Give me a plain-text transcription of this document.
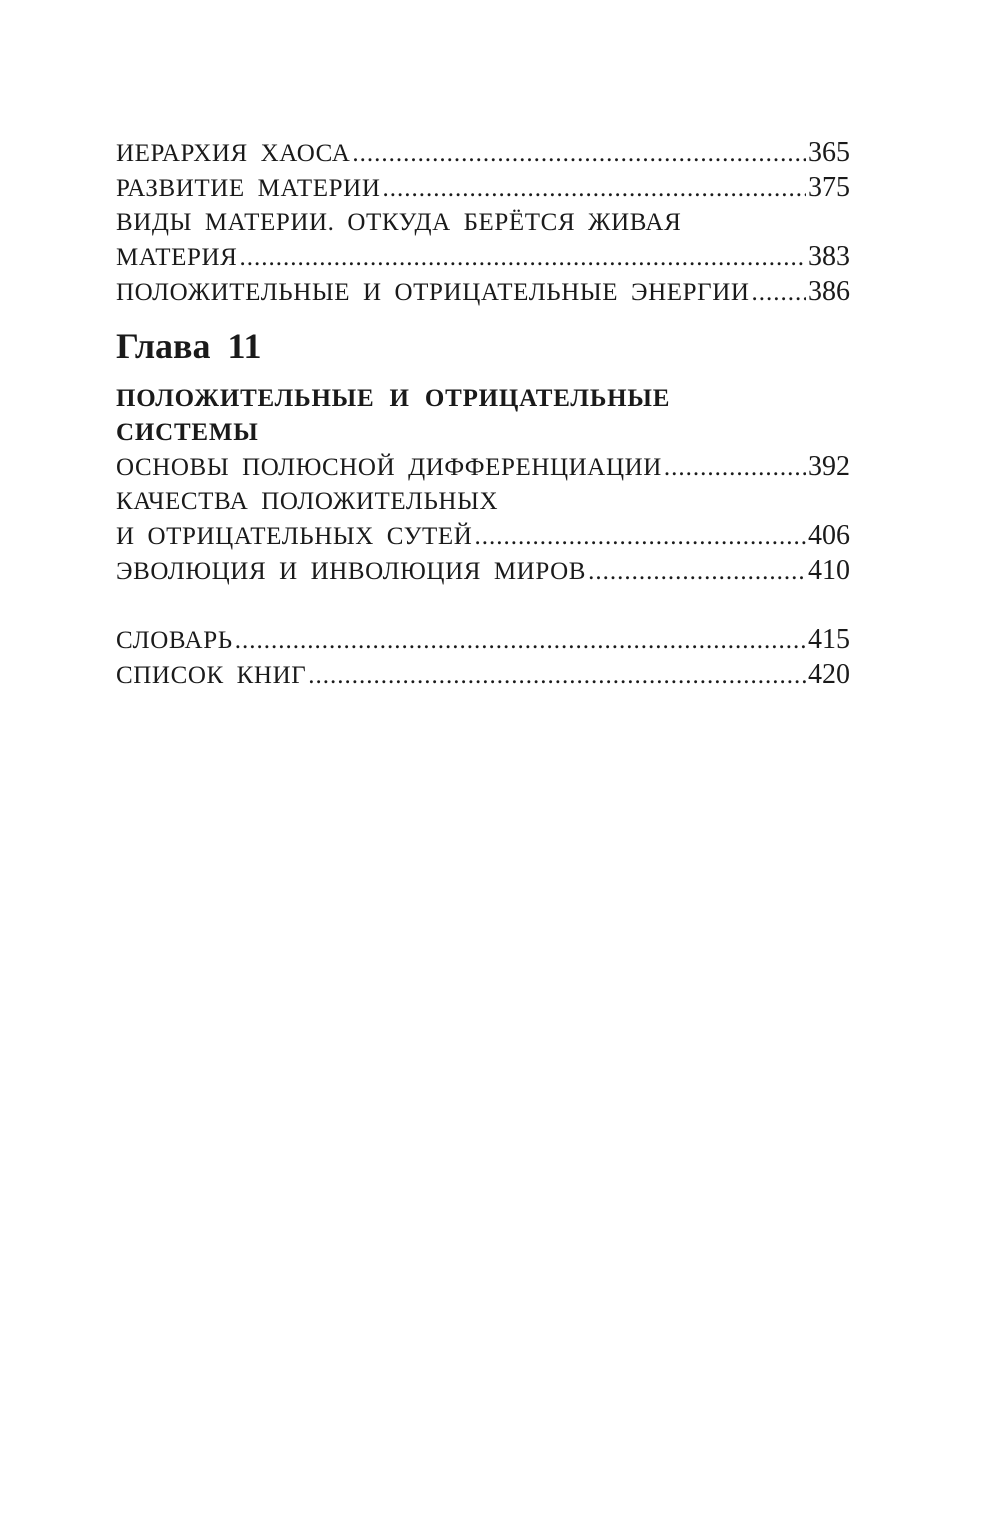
ИЕРАРХИЯ ХАОСА .....	365
РАЗВИТИЕ МАТЕРИИ .....	375
ВИДЫ МАТЕРИИ. ОТКУДА БЕРЁТСЯ ЖИВАЯ
МАТЕРИЯ .....	383
ПОЛОЖИТЕЛЬНЫЕ И ОТРИЦАТЕЛЬНЫЕ ЭНЕРГИИ ..... 386
Глава 11
ПОЛОЖИТЕЛЬНЫЕ И ОТРИЦАТЕЛЬНЫЕ
СИСТЕМЫ
ОСНОВЫ ПОЛЮСНОЙ ДИФФЕРЕНЦИАЦИИ .....	392
КАЧЕСТВА ПОЛОЖИТЕЛЬНЫХ
И ОТРИЦАТЕЛЬНЫХ СУТЕЙ .....	406
ЭВОЛЮЦИЯ И ИНВОЛЮЦИЯ МИРОВ .....	410
СЛОВАРЬ .....	415
СПИСОК КНИГ .....	420
